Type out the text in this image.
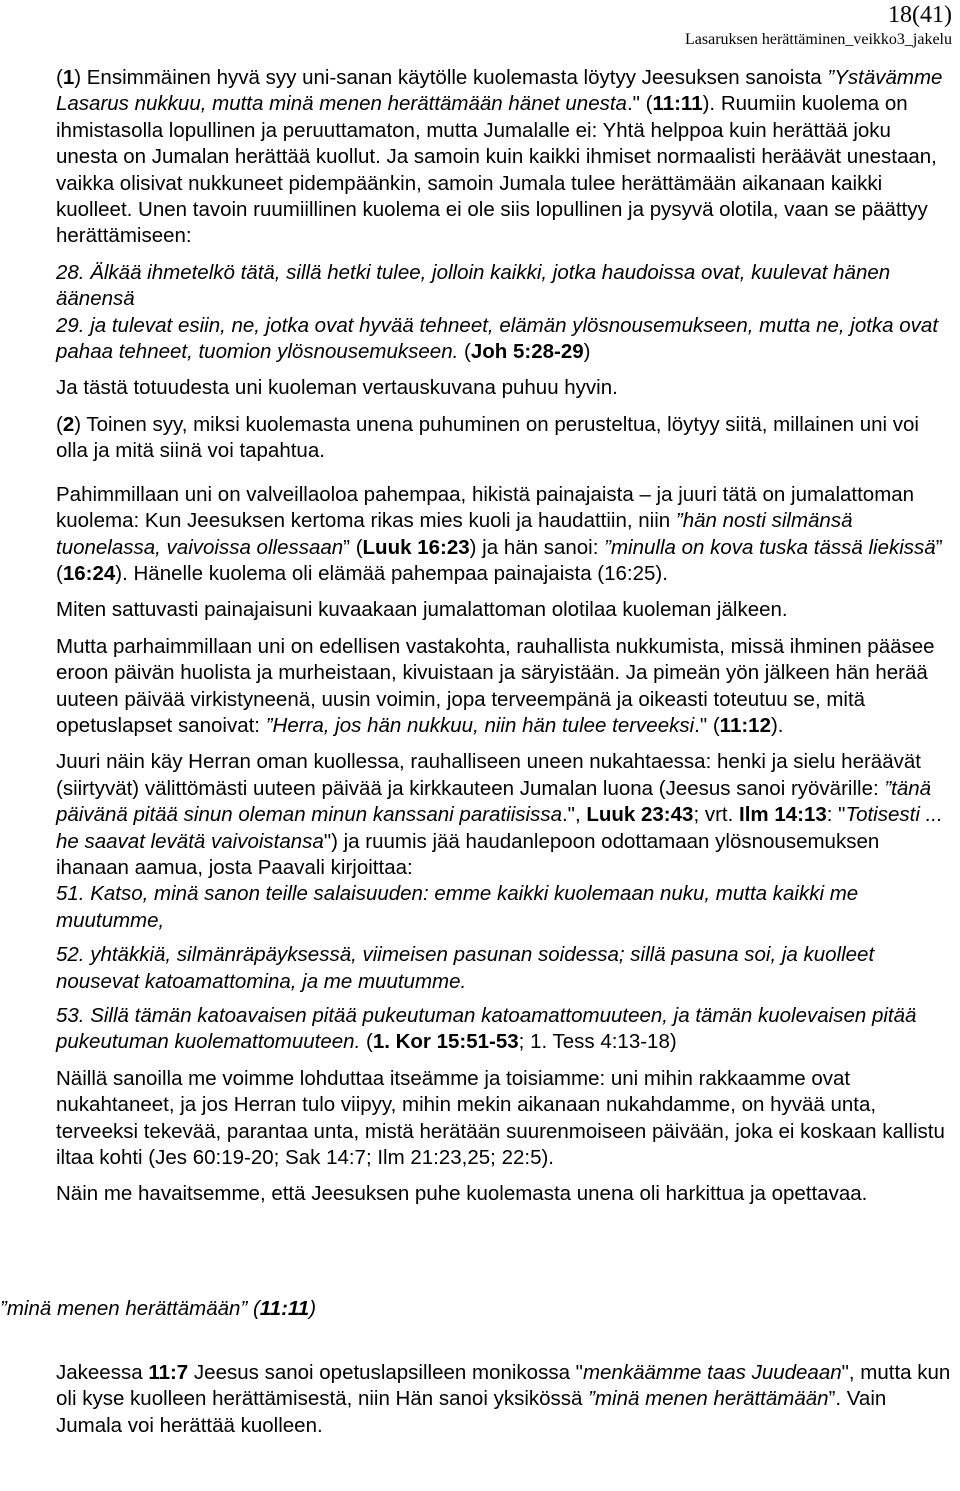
18(41)
Lasaruksen herättäminen_veikko3_jakelu

(1) Ensimmäinen hyvä syy uni-sanan käytölle kuolemasta löytyy Jeesuksen sanoista ”Ystävämme Lasarus nukkuu, mutta minä menen herättämään hänet unesta." (11:11). Ruumiin kuolema on ihmistasolla lopullinen ja peruuttamaton, mutta Jumalalle ei: Yhtä helppoa kuin herättää joku unesta on Jumalan herättää kuollut. Ja samoin kuin kaikki ihmiset normaalisti heräävät unestaan, vaikka olisivat nukkuneet pidempäänkin, samoin Jumala tulee herättämään aikanaan kaikki kuolleet. Unen tavoin ruumiillinen kuolema ei ole siis lopullinen ja pysyvä olotila, vaan se päättyy herättämiseen:

28. Älkää ihmetelkö tätä, sillä hetki tulee, jolloin kaikki, jotka haudoissa ovat, kuulevat hänen äänensä

29. ja tulevat esiin, ne, jotka ovat hyvää tehneet, elämän ylösnousemukseen, mutta ne, jotka ovat pahaa tehneet, tuomion ylösnousemukseen. (Joh 5:28-29)

Ja tästä totuudesta uni kuoleman vertauskuvana puhuu hyvin.

(2) Toinen syy, miksi kuolemasta unena puhuminen on perusteltua, löytyy siitä, millainen uni voi olla ja mitä siinä voi tapahtua.

Pahimmillaan uni on valveillaoloa pahempaa, hikistä painajaista – ja juuri tätä on jumalattoman kuolema: Kun Jeesuksen kertoma rikas mies kuoli ja haudattiin, niin ”hän nosti silmänsä tuonelassa, vaivoissa ollessaan” (Luuk 16:23) ja hän sanoi: ”minulla on kova tuska tässä liekissä” (16:24). Hänelle kuolema oli elämää pahempaa painajaista (16:25).

Miten sattuvasti painajaisuni kuvaakaan jumalattoman olotilaa kuoleman jälkeen.

Mutta parhaimmillaan uni on edellisen vastakohta, rauhallista nukkumista, missä ihminen pääsee eroon päivän huolista ja murheistaan, kivuistaan ja säryistään. Ja pimeän yön jälkeen hän herää uuteen päivää virkistyneenä, uusin voimin, jopa terveempänä ja oikeasti toteutuu se, mitä opetuslapset sanoivat: ”Herra, jos hän nukkuu, niin hän tulee terveeksi." (11:12).

Juuri näin käy Herran oman kuollessa, rauhalliseen uneen nukahtaessa: henki ja sielu heräävät (siirtyvät) välittömästi uuteen päivää ja kirkkauteen Jumalan luona (Jeesus sanoi ryövärille: ”tänä päivänä pitää sinun oleman minun kanssani paratiisissa.", Luuk 23:43; vrt. Ilm 14:13: "Totisesti ... he saavat levätä vaivoistansa") ja ruumis jää haudanlepoon odottamaan ylösnousemuksen ihanaan aamua, josta Paavali kirjoittaa:

51. Katso, minä sanon teille salaisuuden: emme kaikki kuolemaan nuku, mutta kaikki me muutumme,
52. yhtäkkiä, silmänräpäyksessä, viimeisen pasunan soidessa; sillä pasuna soi, ja kuolleet nousevat katoamattomina, ja me muutumme.

53. Sillä tämän katoavaisen pitää pukeutuman katoamattomuuteen, ja tämän kuolevaisen pitää pukeutuman kuolemattomuuteen. (1. Kor 15:51-53; 1. Tess 4:13-18)

Näillä sanoilla me voimme lohduttaa itseämme ja toisiamme: uni mihin rakkaamme ovat nukahtaneet, ja jos Herran tulo viipyy, mihin mekin aikanaan nukahdamme, on hyvää unta, terveeksi tekevää, parantaa unta, mistä herätään suurenmoiseen päivään, joka ei koskaan kallistu iltaa kohti (Jes 60:19-20; Sak 14:7; Ilm 21:23,25; 22:5).

Näin me havaitsemme, että Jeesuksen puhe kuolemasta unena oli harkittua ja opettavaa.

”minä menen herättämään” (11:11)

Jakeessa 11:7 Jeesus sanoi opetuslapsilleen monikossa "menkäämme taas Juudeaan", mutta kun oli kyse kuolleen herättämisestä, niin Hän sanoi yksikössä ”minä menen herättämään”. Vain Jumala voi herättää kuolleen.
